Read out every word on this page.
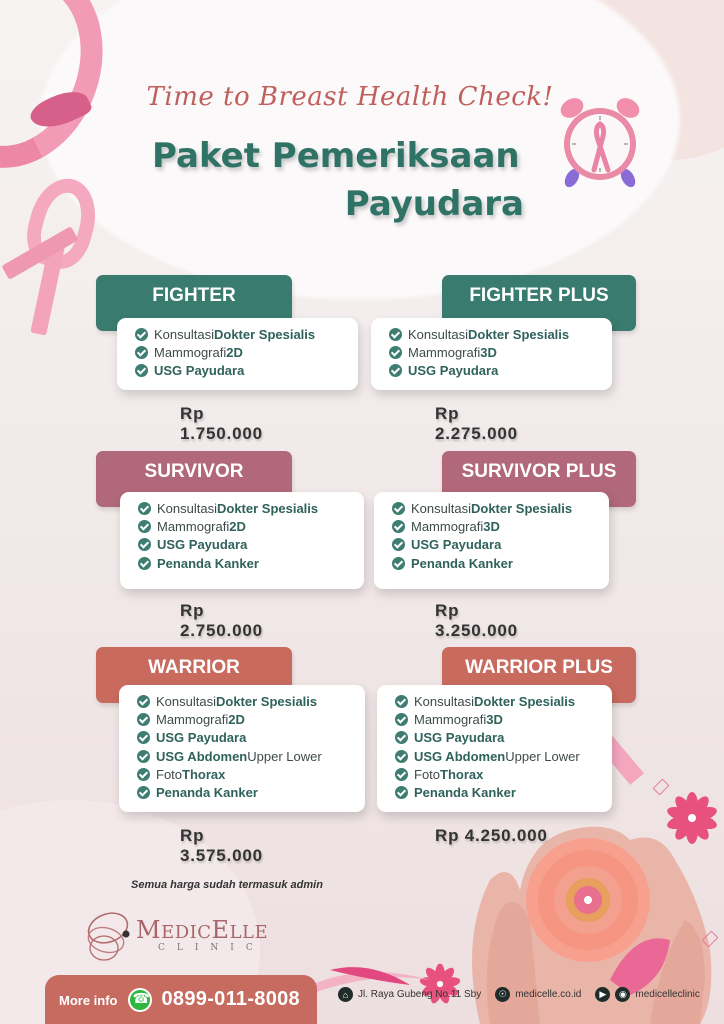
Time to Breast Health Check!
Paket Pemeriksaan
Payudara
FIGHTER
Konsultasi Dokter Spesialis
Mammografi 2D
USG Payudara
Rp 1.750.000
FIGHTER PLUS
Konsultasi Dokter Spesialis
Mammografi 3D
USG Payudara
Rp 2.275.000
SURVIVOR
Konsultasi Dokter Spesialis
Mammografi 2D
USG Payudara
Penanda Kanker
Rp 2.750.000
SURVIVOR PLUS
Konsultasi Dokter Spesialis
Mammografi 3D
USG Payudara
Penanda Kanker
Rp 3.250.000
WARRIOR
Konsultasi Dokter Spesialis
Mammografi 2D
USG Payudara
USG Abdomen Upper Lower
Foto Thorax
Penanda Kanker
Rp 3.575.000
WARRIOR PLUS
Konsultasi Dokter Spesialis
Mammografi 3D
USG Payudara
USG Abdomen Upper Lower
Foto Thorax
Penanda Kanker
Rp 4.250.000
Semua harga sudah termasuk admin
MEDICELLE
CLINIC
More info ☎ 0899-011-8008	⌂ Jl. Raya Gubeng No.11 Sby	☉ medicelle.co.id	▶	◉ medicelleclinic
